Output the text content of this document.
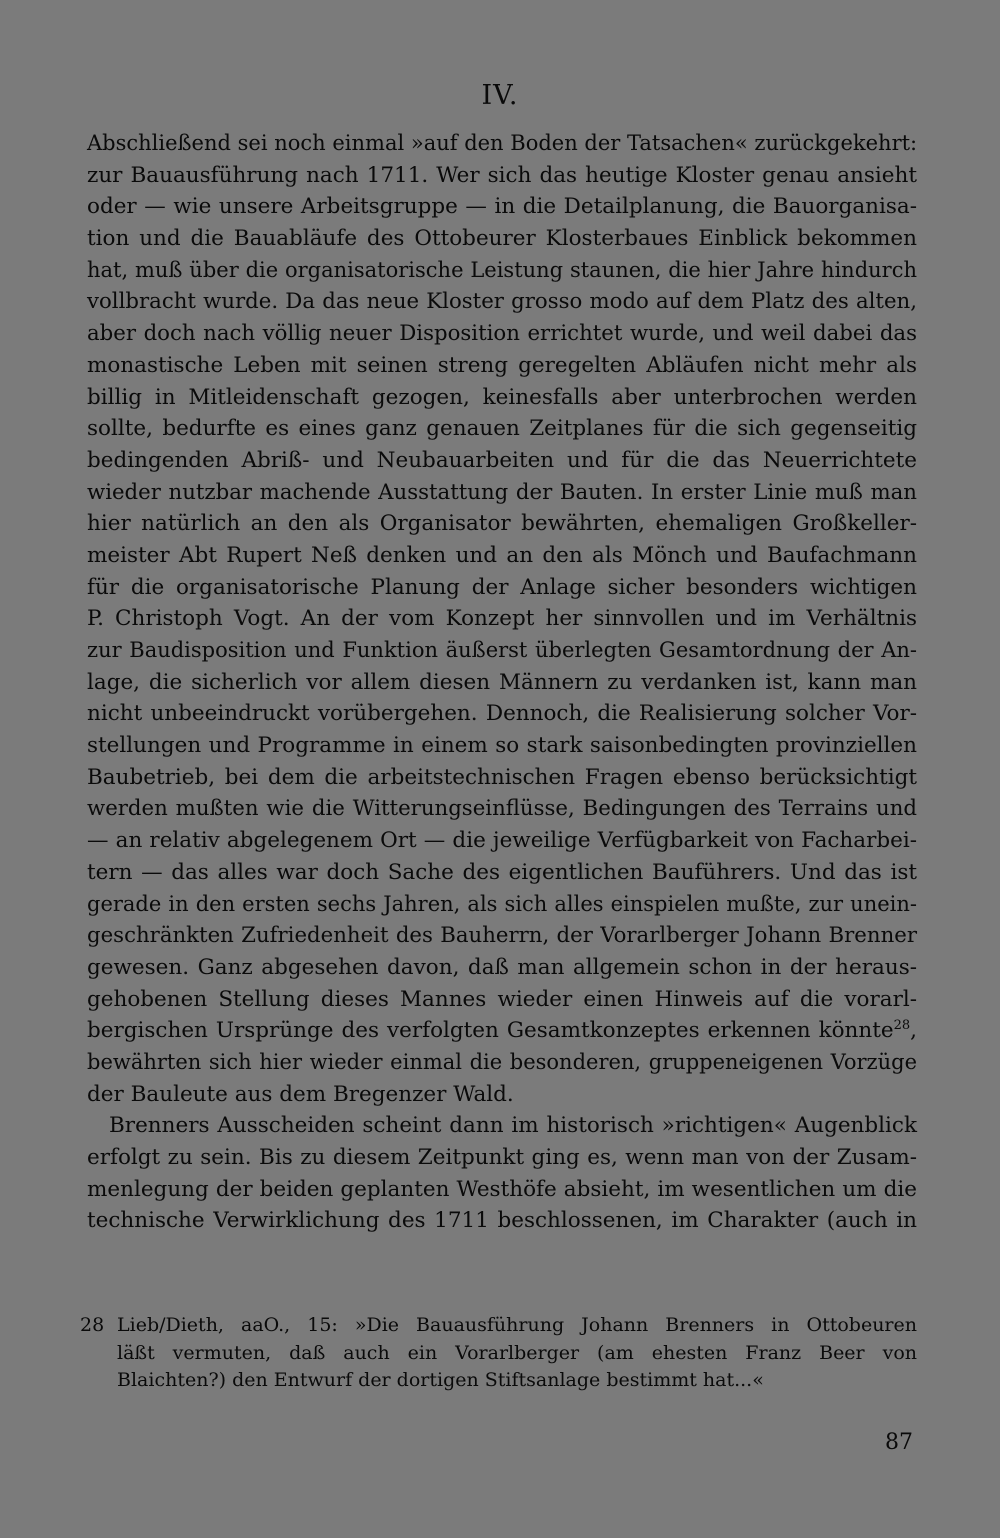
IV.
Abschließend sei noch einmal »auf den Boden der Tatsachen« zurückgekehrt:
zur Bauausführung nach 1711. Wer sich das heutige Kloster genau ansieht
oder — wie unsere Arbeitsgruppe — in die Detailplanung, die Bauorganisa-
tion und die Bauabläufe des Ottobeurer Klosterbaues Einblick bekommen
hat, muß über die organisatorische Leistung staunen, die hier Jahre hindurch
vollbracht wurde. Da das neue Kloster grosso modo auf dem Platz des alten,
aber doch nach völlig neuer Disposition errichtet wurde, und weil dabei das
monastische Leben mit seinen streng geregelten Abläufen nicht mehr als
billig in Mitleidenschaft gezogen, keinesfalls aber unterbrochen werden
sollte, bedurfte es eines ganz genauen Zeitplanes für die sich gegenseitig
bedingenden Abriß- und Neubauarbeiten und für die das Neuerrichtete
wieder nutzbar machende Ausstattung der Bauten. In erster Linie muß man
hier natürlich an den als Organisator bewährten, ehemaligen Großkeller-
meister Abt Rupert Neß denken und an den als Mönch und Baufachmann
für die organisatorische Planung der Anlage sicher besonders wichtigen
P. Christoph Vogt. An der vom Konzept her sinnvollen und im Verhältnis
zur Baudisposition und Funktion äußerst überlegten Gesamtordnung der An-
lage, die sicherlich vor allem diesen Männern zu verdanken ist, kann man
nicht unbeeindruckt vorübergehen. Dennoch, die Realisierung solcher Vor-
stellungen und Programme in einem so stark saisonbedingten provinziellen
Baubetrieb, bei dem die arbeitstechnischen Fragen ebenso berücksichtigt
werden mußten wie die Witterungseinflüsse, Bedingungen des Terrains und
— an relativ abgelegenem Ort — die jeweilige Verfügbarkeit von Facharbei-
tern — das alles war doch Sache des eigentlichen Bauführers. Und das ist
gerade in den ersten sechs Jahren, als sich alles einspielen mußte, zur unein-
geschränkten Zufriedenheit des Bauherrn, der Vorarlberger Johann Brenner
gewesen. Ganz abgesehen davon, daß man allgemein schon in der heraus-
gehobenen Stellung dieses Mannes wieder einen Hinweis auf die vorarl-
bergischen Ursprünge des verfolgten Gesamtkonzeptes erkennen könnte$^{28}$,
bewährten sich hier wieder einmal die besonderen, gruppeneigenen Vorzüge
der Bauleute aus dem Bregenzer Wald.
Brenners Ausscheiden scheint dann im historisch »richtigen« Augenblick
erfolgt zu sein. Bis zu diesem Zeitpunkt ging es, wenn man von der Zusam-
menlegung der beiden geplanten Westhöfe absieht, im wesentlichen um die
technische Verwirklichung des 1711 beschlossenen, im Charakter (auch in
28 Lieb/Dieth, aaO., 15: »Die Bauausführung Johann Brenners in Ottobeuren
läßt vermuten, daß auch ein Vorarlberger (am ehesten Franz Beer von
Blaichten?) den Entwurf der dortigen Stiftsanlage bestimmt hat...«
87
